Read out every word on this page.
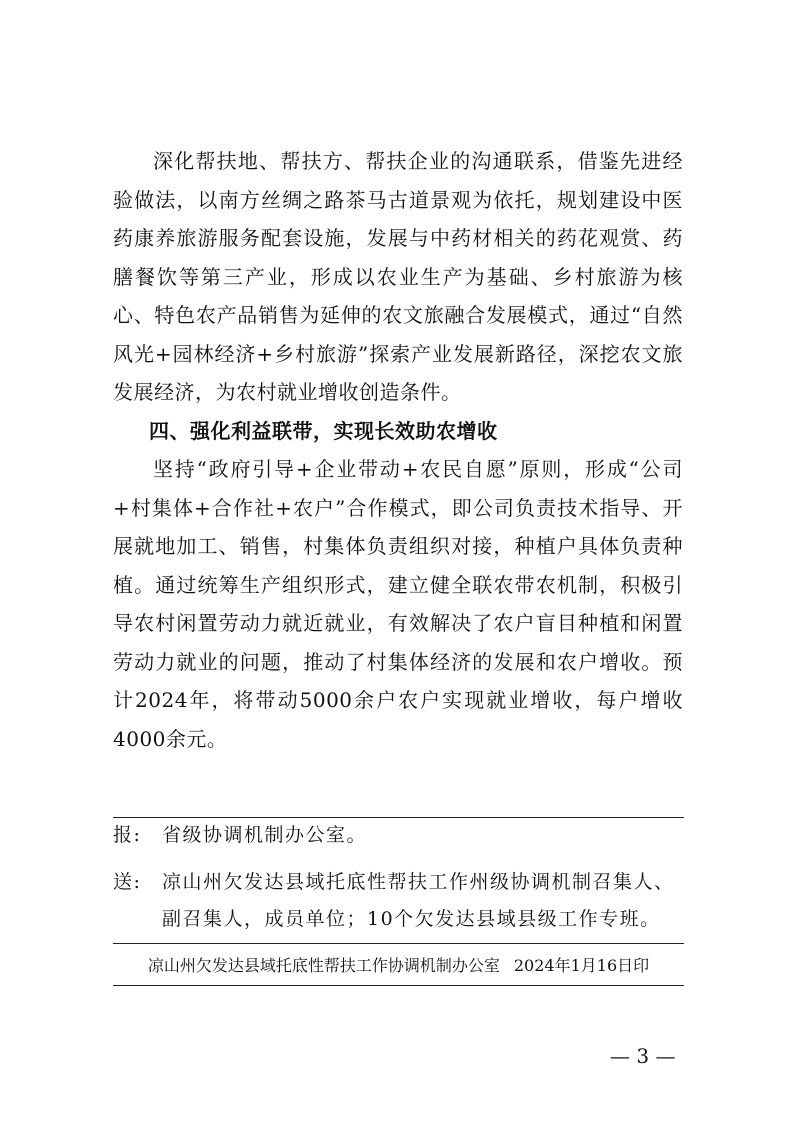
深化帮扶地、帮扶方、帮扶企业的沟通联系，借鉴先进经验做法，以南方丝绸之路茶马古道景观为依托，规划建设中医药康养旅游服务配套设施，发展与中药材相关的药花观赏、药膳餐饮等第三产业，形成以农业生产为基础、乡村旅游为核心、特色农产品销售为延伸的农文旅融合发展模式，通过“自然风光+园林经济+乡村旅游”探索产业发展新路径，深挖农文旅发展经济，为农村就业增收创造条件。

四、强化利益联带，实现长效助农增收

坚持“政府引导+企业带动+农民自愿”原则，形成“公司+村集体+合作社+农户”合作模式，即公司负责技术指导、开展就地加工、销售，村集体负责组织对接，种植户具体负责种植。通过统筹生产组织形式，建立健全联农带农机制，积极引导农村闲置劳动力就近就业，有效解决了农户盲目种植和闲置劳动力就业的问题，推动了村集体经济的发展和农户增收。预计2024年，将带动5000余户农户实现就业增收，每户增收4000余元。

报: 省级协调机制办公室。
送: 凉山州欠发达县域托底性帮扶工作州级协调机制召集人、
副召集人，成员单位；10个欠发达县域县级工作专班。
凉山州欠发达县域托底性帮扶工作协调机制办公室 2024年1月16日印
— 3 —
